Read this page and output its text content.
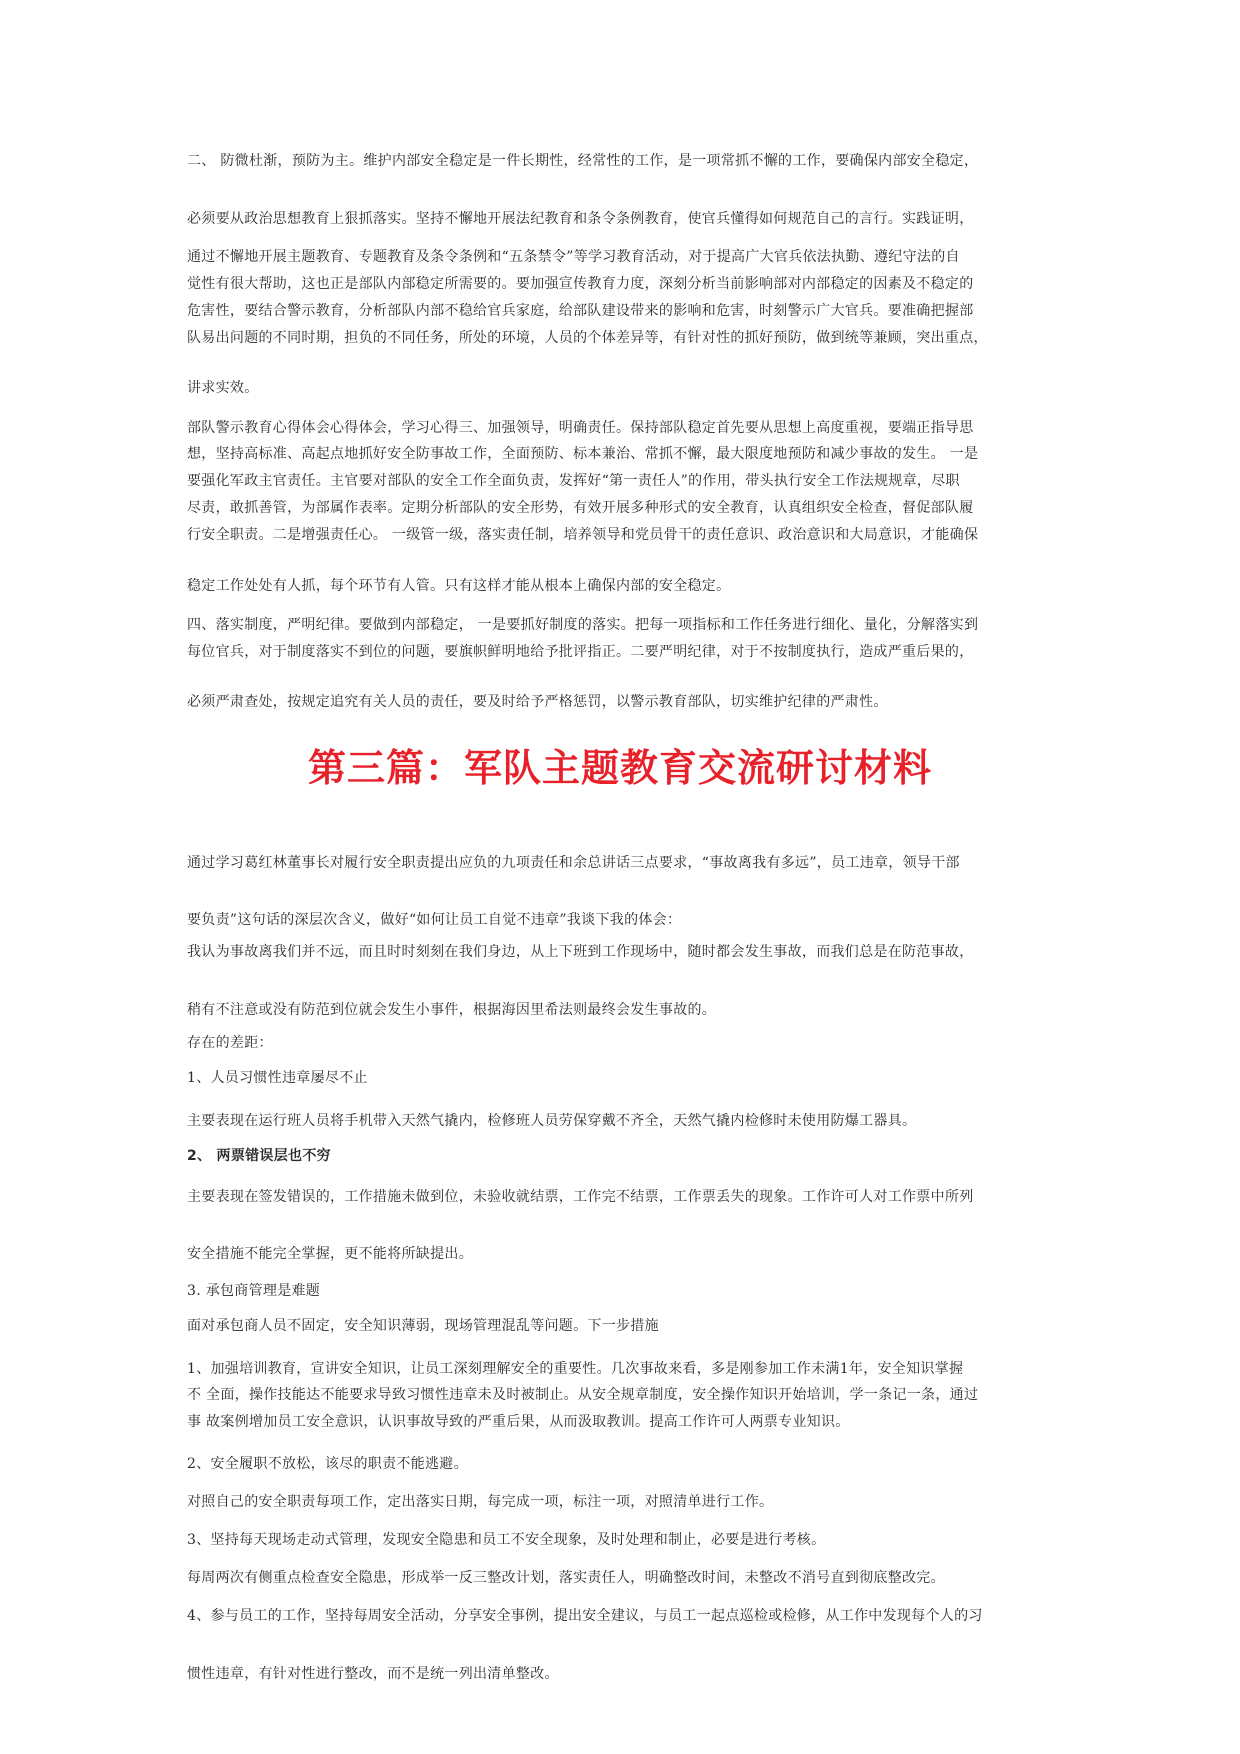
二、 防微杜渐，预防为主。维护内部安全稳定是一件长期性，经常性的工作，是一项常抓不懈的工作，要确保内部安全稳定，
必须要从政治思想教育上狠抓落实。坚持不懈地开展法纪教育和条令条例教育，使官兵懂得如何规范自己的言行。实践证明，
通过不懈地开展主题教育、专题教育及条令条例和“五条禁令”等学习教育活动，对于提高广大官兵依法执勤、遵纪守法的自
觉性有很大帮助，这也正是部队内部稳定所需要的。要加强宣传教育力度，深刻分析当前影响部对内部稳定的因素及不稳定的
危害性，要结合警示教育，分析部队内部不稳给官兵家庭，给部队建设带来的影响和危害，时刻警示广大官兵。要准确把握部
队易出问题的不同时期，担负的不同任务，所处的环境，人员的个体差异等，有针对性的抓好预防，做到统等兼顾，突出重点，
讲求实效。
部队警示教育心得体会心得体会，学习心得三、加强领导，明确责任。保持部队稳定首先要从思想上高度重视，要端正指导思
想，坚持高标准、高起点地抓好安全防事故工作，全面预防、标本兼治、常抓不懈，最大限度地预防和减少事故的发生。 一是
要强化军政主官责任。主官要对部队的安全工作全面负责，发挥好“第一责任人”的作用，带头执行安全工作法规规章，尽职
尽责，敢抓善管，为部属作表率。定期分析部队的安全形势，有效开展多种形式的安全教育，认真组织安全检查，督促部队履
行安全职责。二是增强责任心。 一级管一级，落实责任制，培养领导和党员骨干的责任意识、政治意识和大局意识，才能确保
稳定工作处处有人抓，每个环节有人管。只有这样才能从根本上确保内部的安全稳定。
四、落实制度，严明纪律。要做到内部稳定， 一是要抓好制度的落实。把每一项指标和工作任务进行细化、量化，分解落实到
每位官兵，对于制度落实不到位的问题，要旗帜鲜明地给予批评指正。二要严明纪律，对于不按制度执行，造成严重后果的，
必须严肃查处，按规定追究有关人员的责任，要及时给予严格惩罚，以警示教育部队，切实维护纪律的严肃性。
第三篇：军队主题教育交流研讨材料
通过学习葛红林董事长对履行安全职责提出应负的九项责任和余总讲话三点要求，“事故离我有多远”，员工违章，领导干部
要负责”这句话的深层次含义，做好“如何让员工自觉不违章”我谈下我的体会：
我认为事故离我们并不远，而且时时刻刻在我们身边，从上下班到工作现场中，随时都会发生事故，而我们总是在防范事故，
稍有不注意或没有防范到位就会发生小事件，根据海因里希法则最终会发生事故的。
存在的差距：
1、人员习惯性违章屡尽不止
主要表现在运行班人员将手机带入天然气撬内，检修班人员劳保穿戴不齐全，天然气撬内检修时未使用防爆工器具。
2、 两票错误层也不穷
主要表现在签发错误的，工作措施未做到位，未验收就结票，工作完不结票，工作票丢失的现象。工作许可人对工作票中所列
安全措施不能完全掌握，更不能将所缺提出。
3. 承包商管理是难题
面对承包商人员不固定，安全知识薄弱，现场管理混乱等问题。下一步措施
1、加强培训教育，宣讲安全知识，让员工深刻理解安全的重要性。几次事故来看，多是刚参加工作未满1年，安全知识掌握
不 全面，操作技能达不能要求导致习惯性违章未及时被制止。从安全规章制度，安全操作知识开始培训，学一条记一条，通过
事 故案例增加员工安全意识，认识事故导致的严重后果，从而汲取教训。提高工作许可人两票专业知识。
2、安全履职不放松，该尽的职责不能逃避。
对照自己的安全职责每项工作，定出落实日期，每完成一项，标注一项，对照清单进行工作。
3、坚持每天现场走动式管理，发现安全隐患和员工不安全现象，及时处理和制止，必要是进行考核。
每周两次有侧重点检查安全隐患，形成举一反三整改计划，落实责任人，明确整改时间，未整改不消号直到彻底整改完。
4、参与员工的工作，坚持每周安全活动，分享安全事例，提出安全建议，与员工一起点巡检或检修，从工作中发现每个人的习
惯性违章，有针对性进行整改，而不是统一列出清单整改。
